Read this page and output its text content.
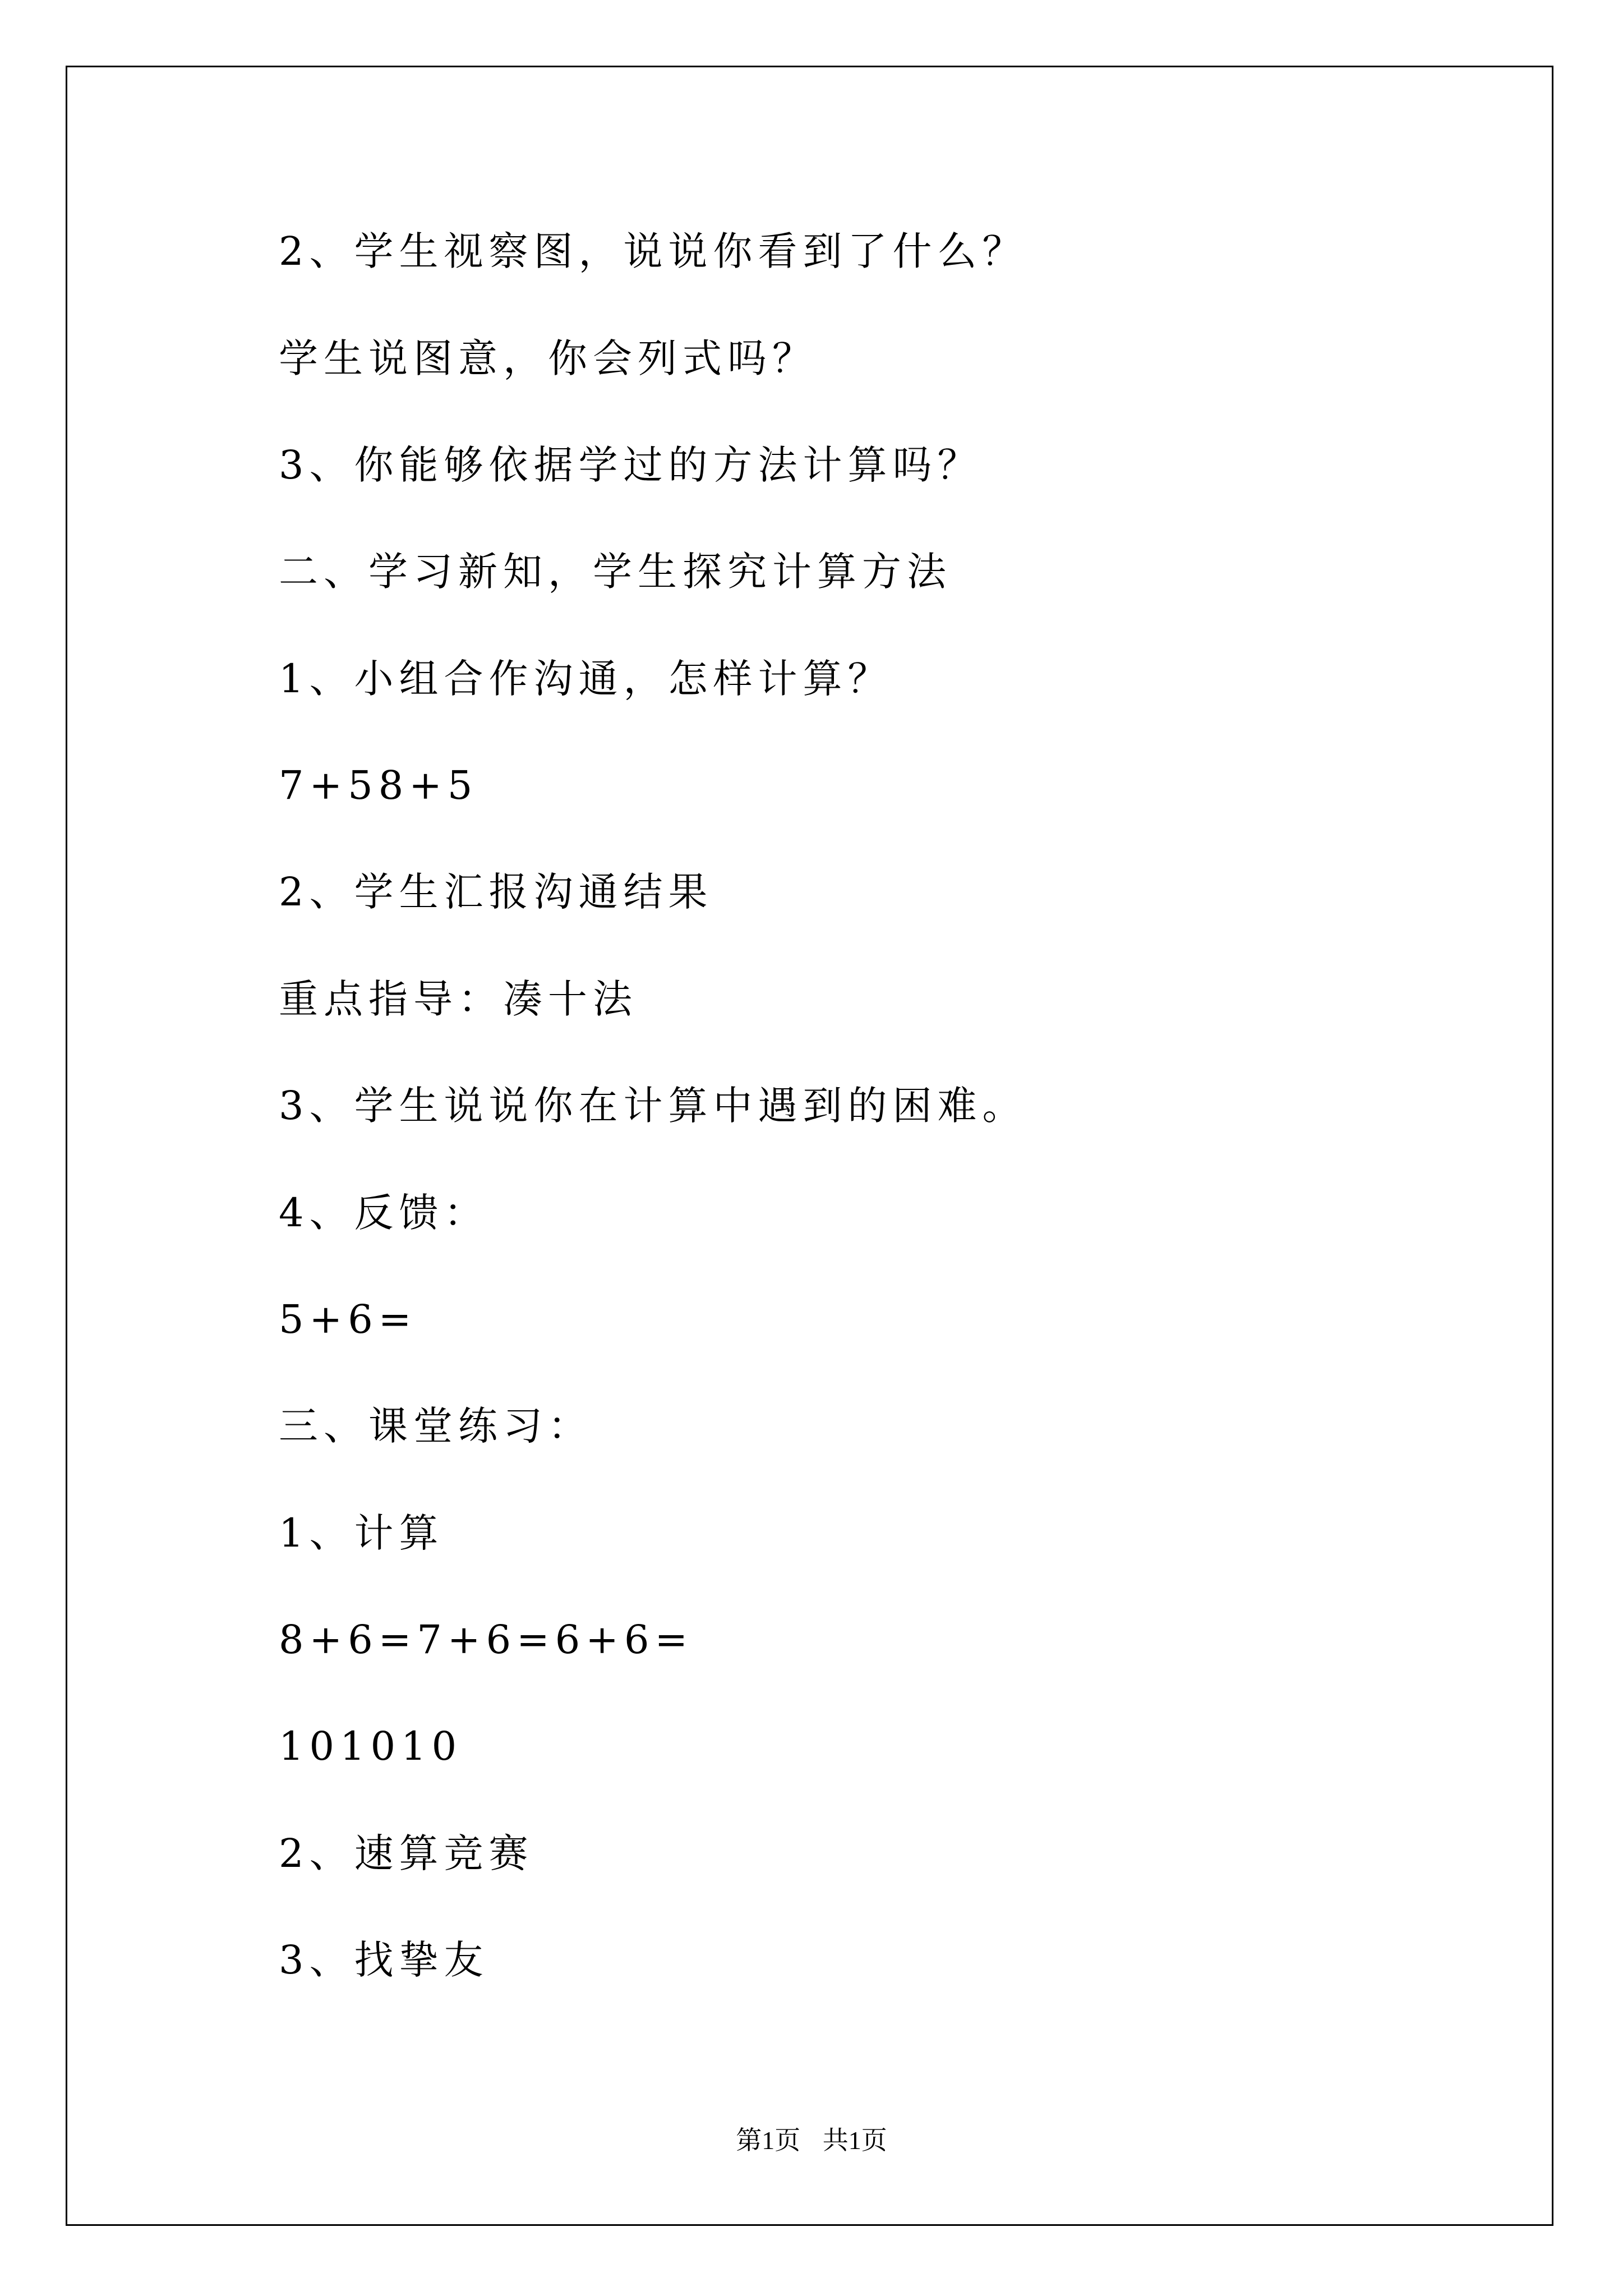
2、学生视察图，说说你看到了什么？
学生说图意，你会列式吗？
3、你能够依据学过的方法计算吗？
二、学习新知，学生探究计算方法
1、小组合作沟通，怎样计算？
7+58+5
2、学生汇报沟通结果
重点指导：凑十法
3、学生说说你在计算中遇到的困难。
4、反馈：
5+6=
三、课堂练习：
1、计算
8+6=7+6=6+6=
101010
2、速算竞赛
3、找挚友
第1页 共1页
